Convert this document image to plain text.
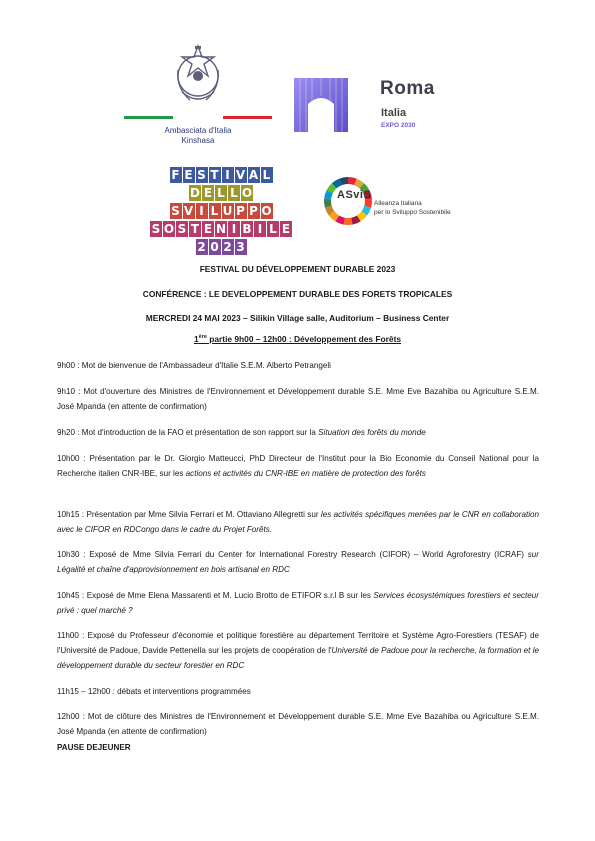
Ambasciata d'Italia
Kinshasa
Roma
Italia
EXPO 2030
F E S T I V A L
D E L L O
S V I L U P P O
S O S T E N I B I L E
2 0 2 3
ASviS
Alleanza Italiana
per lo Sviluppo Sostenibile
FESTIVAL DU DÉVELOPPEMENT DURABLE 2023
CONFÉRENCE : LE DEVELOPPEMENT DURABLE DES FORETS TROPICALES
MERCREDI 24 MAI 2023 – Silikin Village salle, Auditorium – Business Center
1ère partie 9h00 – 12h00 : Développement des Forêts
9h00 : Mot de bienvenue de l'Ambassadeur d'Italie S.E.M. Alberto Petrangeli
9h10 : Mot d'ouverture des Ministres de l'Environnement et Développement durable S.E. Mme Eve Bazahiba ou Agriculture S.E.M. José Mpanda (en attente de confirmation)
9h20 : Mot d'introduction de la FAO et présentation de son rapport sur la Situation des forêts du monde
10h00 : Présentation par le Dr. Giorgio Matteucci, PhD Directeur de l'Institut pour la Bio Economie du Conseil National pour la Recherche italien CNR-IBE, sur les actions et activités du CNR-IBE en matière de protection des forêts
10h15 : Présentation par Mme Silvia Ferrari et M. Ottaviano Allegretti sur les activités spécifiques menées par le CNR en collaboration avec le CIFOR en RDCongo dans le cadre du Projet Forêts.
10h30 : Exposé de Mme Silvia Ferrari du Center for International Forestry Research (CIFOR) – World Agroforestry (ICRAF) sur Légalité et chaîne d'approvisionnement en bois artisanal en RDC
10h45 : Exposé de Mme Elena Massarenti et M. Lucio Brotto de ETIFOR s.r.l B sur les Services écosystémiques forestiers et secteur privé : quel marché ?
11h00 : Exposé du Professeur d'économie et politique forestière au département Territoire et Système Agro-Forestiers (TESAF) de l'Université de Padoue, Davide Pettenella sur les projets de coopération de l'Université de Padoue pour la recherche, la formation et le développement durable du secteur forestier en RDC
11h15 – 12h00 : débats et interventions programmées
12h00 : Mot de clôture des Ministres de l'Environnement et Développement durable S.E. Mme Eve Bazahiba ou Agriculture S.E.M. José Mpanda (en attente de confirmation)
PAUSE DEJEUNER
